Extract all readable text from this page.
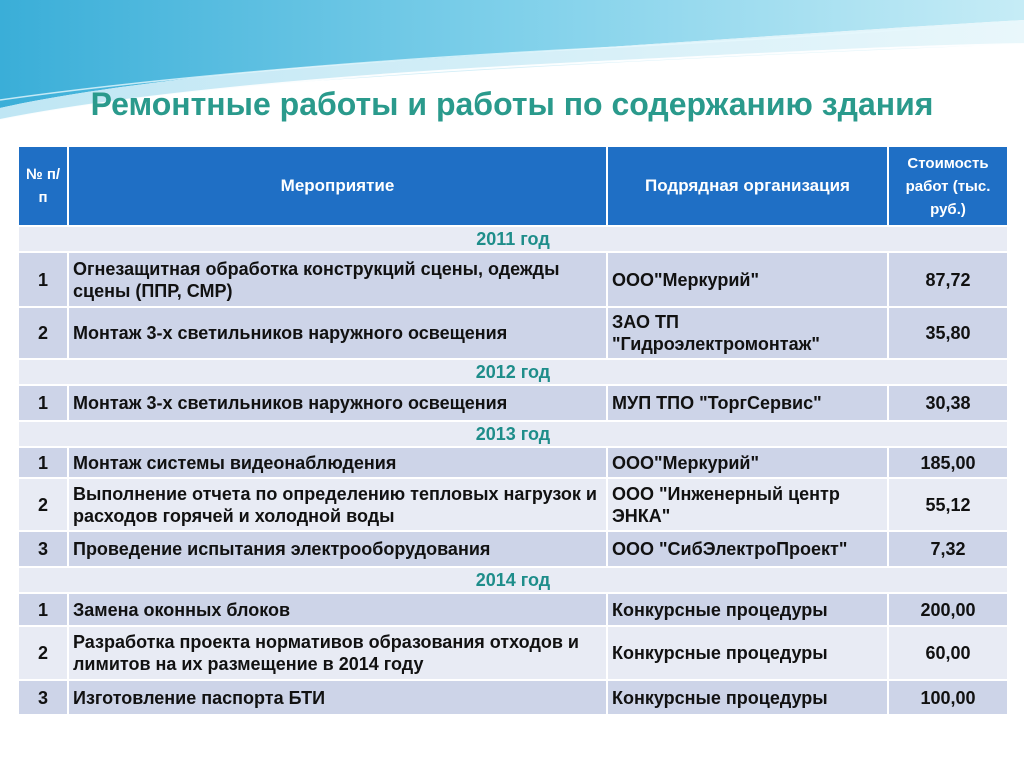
Ремонтные работы и работы по содержанию здания
№ п/п	Мероприятие	Подрядная организация	Стоимость работ (тыс. руб.)
2011 год			
1	Огнезащитная обработка конструкций сцены, одежды сцены (ППР, СМР)	ООО"Меркурий"	87,72
2	Монтаж 3-х светильников наружного освещения	ЗАО ТП "Гидроэлектромонтаж"	35,80
2012 год			
1	Монтаж 3-х светильников наружного освещения	МУП ТПО "ТоргСервис"	30,38
2013 год			
1	Монтаж системы видеонаблюдения	ООО"Меркурий"	185,00
2	Выполнение отчета по определению тепловых нагрузок и расходов горячей и холодной воды	ООО "Инженерный центр ЭНКА"	55,12
3	Проведение испытания электрооборудования	ООО "СибЭлектроПроект"	7,32
2014 год			
1	Замена оконных блоков	Конкурсные процедуры	200,00
2	Разработка проекта нормативов образования отходов и лимитов на их размещение в 2014 году	Конкурсные процедуры	60,00
3	Изготовление паспорта БТИ	Конкурсные процедуры	100,00
